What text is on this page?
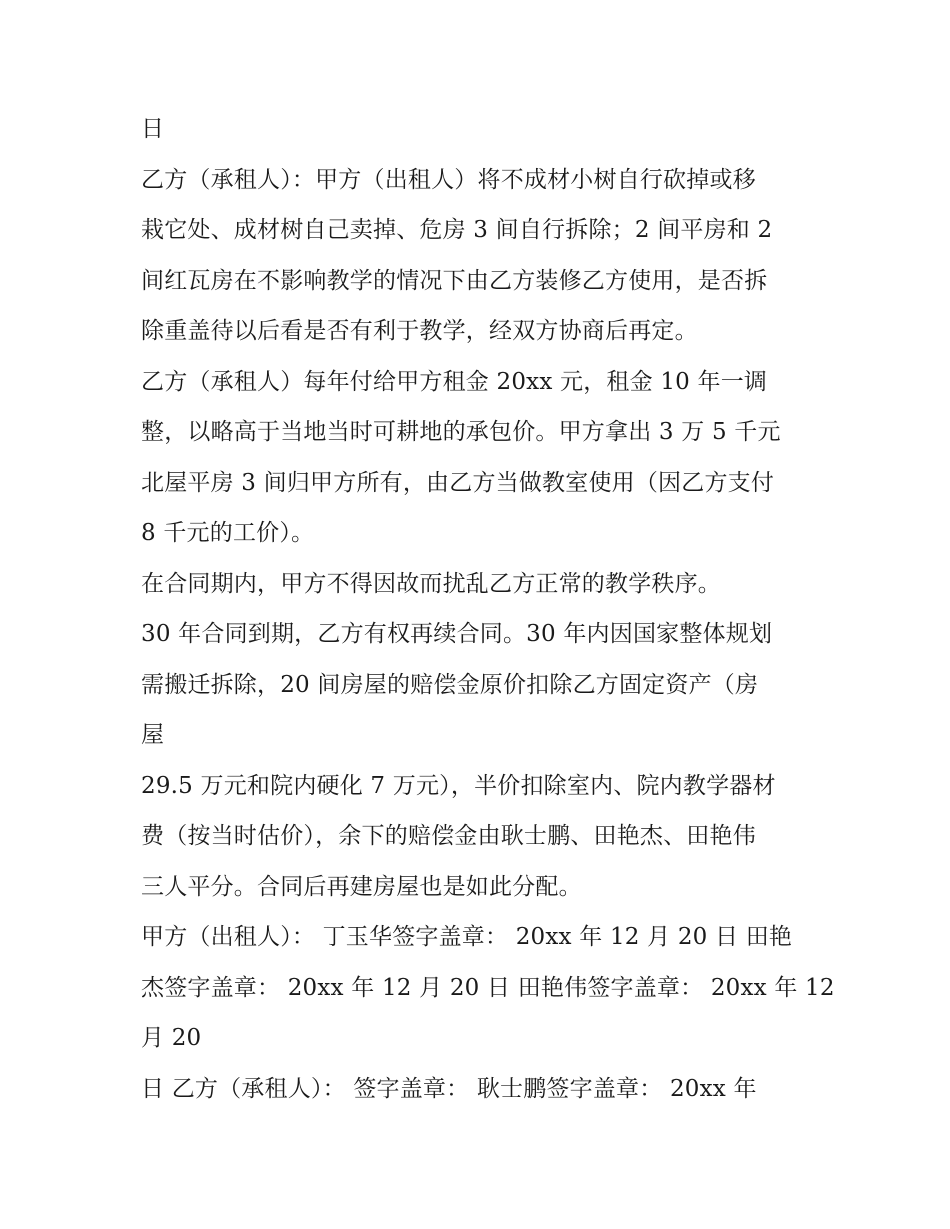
日
乙方（承租人）：甲方（出租人）将不成材小树自行砍掉或移
栽它处、成材树自己卖掉、危房 3 间自行拆除；2 间平房和 2
间红瓦房在不影响教学的情况下由乙方装修乙方使用，是否拆
除重盖待以后看是否有利于教学，经双方协商后再定。
乙方（承租人）每年付给甲方租金 20xx 元，租金 10 年一调
整，以略高于当地当时可耕地的承包价。甲方拿出 3 万 5 千元
北屋平房 3 间归甲方所有，由乙方当做教室使用（因乙方支付
8 千元的工价）。
在合同期内，甲方不得因故而扰乱乙方正常的教学秩序。
30 年合同到期，乙方有权再续合同。30 年内因国家整体规划
需搬迁拆除，20 间房屋的赔偿金原价扣除乙方固定资产（房
屋
29.5 万元和院内硬化 7 万元），半价扣除室内、院内教学器材
费（按当时估价），余下的赔偿金由耿士鹏、田艳杰、田艳伟
三人平分。合同后再建房屋也是如此分配。
甲方（出租人）： 丁玉华签字盖章： 20xx 年 12 月 20 日 田艳
杰签字盖章： 20xx 年 12 月 20 日 田艳伟签字盖章： 20xx 年 12
月 20
日 乙方（承租人）： 签字盖章： 耿士鹏签字盖章： 20xx 年
